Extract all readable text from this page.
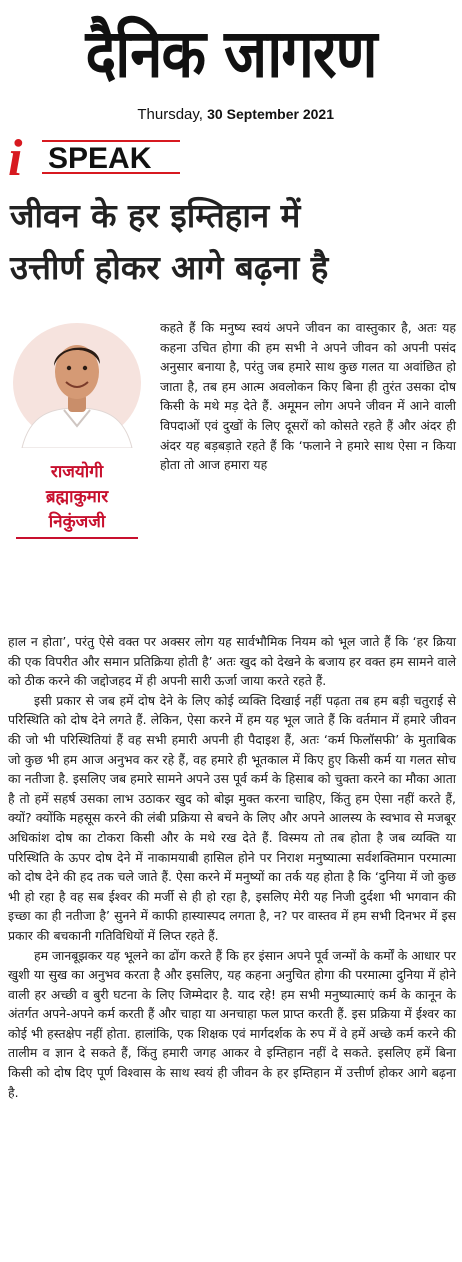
दैनिक जागरण
Thursday, 30 September 2021
i SPEAK
जीवन के हर इम्तिहान में
उत्तीर्ण होकर आगे बढ़ना है
राजयोगी
ब्रह्माकुमार
निकुंजजी

कहते हैं कि मनुष्य स्वयं अपने जीवन का वास्तुकार है, अतः यह कहना उचित होगा की हम सभी ने अपने जीवन को अपनी पसंद अनुसार बनाया है, परंतु जब हमारे साथ कुछ गलत या अवांछित हो जाता है, तब हम आत्म अवलोकन किए बिना ही तुरंत उसका दोष किसी के मथे मड़ देते हैं. अमूमन लोग अपने जीवन में आने वाली विपदाओं एवं दुखों के लिए दूसरों को कोसते रहते हैं और अंदर ही अंदर यह बड़बड़ाते रहते हैं कि ‘फलाने ने हमारे साथ ऐसा न किया होता तो आज हमारा यह

हाल न होता’, परंतु ऐसे वक्त पर अक्सर लोग यह सार्वभौमिक नियम को भूल जाते हैं कि ‘हर क्रिया की एक विपरीत और समान प्रतिक्रिया होती है’ अतः खुद को देखने के बजाय हर वक्त हम सामने वाले को ठीक करने की जद्दोजहद में ही अपनी सारी ऊर्जा जाया करते रहते हैं.

इसी प्रकार से जब हमें दोष देने के लिए कोई व्यक्ति दिखाई नहीं पढ़ता तब हम बड़ी चतुराई से परिस्थिति को दोष देने लगते हैं. लेकिन, ऐसा करने में हम यह भूल जाते हैं कि वर्तमान में हमारे जीवन की जो भी परिस्थितियां हैं वह सभी हमारी अपनी ही पैदाइश हैं, अतः ‘कर्म फिलॉसफी’ के मुताबिक जो कुछ भी हम आज अनुभव कर रहे हैं, वह हमारे ही भूतकाल में किए हुए किसी कर्म या गलत सोच का नतीजा है. इसलिए जब हमारे सामने अपने उस पूर्व कर्म के हिसाब को चुक्ता करने का मौका आता है तो हमें सहर्ष उसका लाभ उठाकर खुद को बोझ मुक्त करना चाहिए, किंतु हम ऐसा नहीं करते हैं, क्यों? क्योंकि महसूस करने की लंबी प्रक्रिया से बचने के लिए और अपने आलस्य के स्वभाव से मजबूर अधिकांश दोष का टोकरा किसी और के मथे रख देते हैं. विस्मय तो तब होता है जब व्यक्ति या परिस्थिति के ऊपर दोष देने में नाकामयाबी हासिल होने पर निराश मनुष्यात्मा सर्वशक्तिमान परमात्मा को दोष देने की हद तक चले जाते हैं. ऐसा करने में मनुष्यों का तर्क यह होता है कि ‘दुनिया में जो कुछ भी हो रहा है वह सब ईश्वर की मर्जी से ही हो रहा है, इसलिए मेरी यह निजी दुर्दशा भी भगवान की इच्छा का ही नतीजा है’ सुनने में काफी हास्यास्पद लगता है, न? पर वास्तव में हम सभी दिनभर में इस प्रकार की बचकानी गतिविधियों में लिप्त रहते हैं.

हम जानबूझकर यह भूलने का ढोंग करते हैं कि हर इंसान अपने पूर्व जन्मों के कर्मों के आधार पर खुशी या सुख का अनुभव करता है और इसलिए, यह कहना अनुचित होगा की परमात्मा दुनिया में होने वाली हर अच्छी व बुरी घटना के लिए जिम्मेदार है. याद रहे! हम सभी मनुष्यात्माएं कर्म के कानून के अंतर्गत अपने-अपने कर्म करती हैं और चाहा या अनचाहा फल प्राप्त करती हैं. इस प्रक्रिया में ईश्वर का कोई भी हस्तक्षेप नहीं होता. हालांकि, एक शिक्षक एवं मार्गदर्शक के रुप में वे हमें अच्छे कर्म करने की तालीम व ज्ञान दे सकते हैं, किंतु हमारी जगह आकर वे इम्तिहान नहीं दे सकते. इसलिए हमें बिना किसी को दोष दिए पूर्ण विश्वास के साथ स्वयं ही जीवन के हर इम्तिहान में उत्तीर्ण होकर आगे बढ़ना है.
